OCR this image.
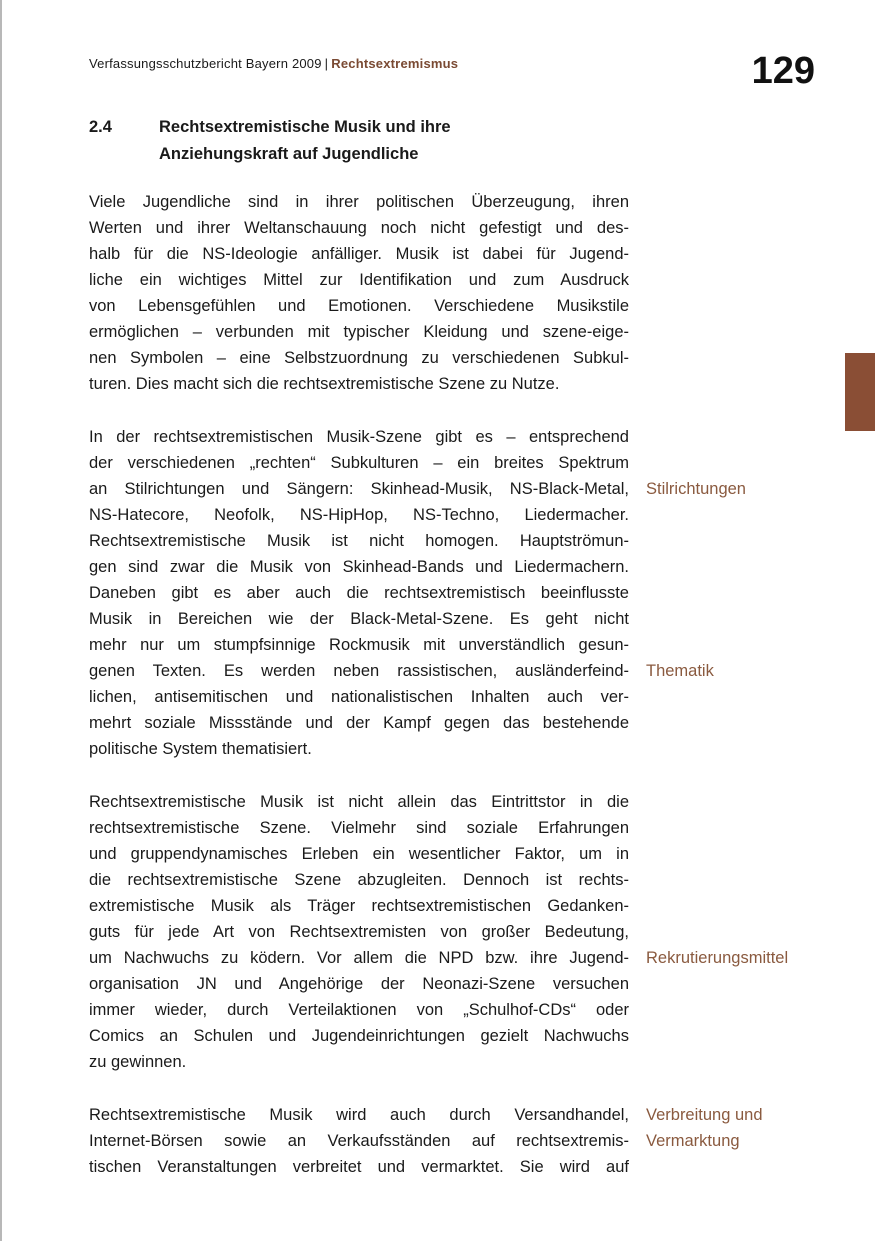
Verfassungsschutzbericht Bayern 2009 | Rechtsextremismus	129
2.4	Rechtsextremistische Musik und ihre
Anziehungskraft auf Jugendliche
Viele Jugendliche sind in ihrer politischen Überzeugung, ihren
Werten und ihrer Weltanschauung noch nicht gefestigt und des-
halb für die NS-Ideologie anfälliger. Musik ist dabei für Jugend-
liche ein wichtiges Mittel zur Identifikation und zum Ausdruck
von Lebensgefühlen und Emotionen. Verschiedene Musikstile
ermöglichen – verbunden mit typischer Kleidung und szene-eige-
nen Symbolen – eine Selbstzuordnung zu verschiedenen Subkul-
turen. Dies macht sich die rechtsextremistische Szene zu Nutze.
In der rechtsextremistischen Musik-Szene gibt es – entsprechend
der verschiedenen „rechten“ Subkulturen – ein breites Spektrum
an Stilrichtungen und Sängern: Skinhead-Musik, NS-Black-Metal,
NS-Hatecore, Neofolk, NS-HipHop, NS-Techno, Liedermacher.
Rechtsextremistische Musik ist nicht homogen. Hauptströmun-
gen sind zwar die Musik von Skinhead-Bands und Liedermachern.
Daneben gibt es aber auch die rechtsextremistisch beeinflusste
Musik in Bereichen wie der Black-Metal-Szene. Es geht nicht
mehr nur um stumpfsinnige Rockmusik mit unverständlich gesun-
genen Texten. Es werden neben rassistischen, ausländerfeind-
lichen, antisemitischen und nationalistischen Inhalten auch ver-
mehrt soziale Missstände und der Kampf gegen das bestehende
politische System thematisiert.
Rechtsextremistische Musik ist nicht allein das Eintrittstor in die
rechtsextremistische Szene. Vielmehr sind soziale Erfahrungen
und gruppendynamisches Erleben ein wesentlicher Faktor, um in
die rechtsextremistische Szene abzugleiten. Dennoch ist rechts-
extremistische Musik als Träger rechtsextremistischen Gedanken-
guts für jede Art von Rechtsextremisten von großer Bedeutung,
um Nachwuchs zu ködern. Vor allem die NPD bzw. ihre Jugend-
organisation JN und Angehörige der Neonazi-Szene versuchen
immer wieder, durch Verteilaktionen von „Schulhof-CDs“ oder
Comics an Schulen und Jugendeinrichtungen gezielt Nachwuchs
zu gewinnen.
Rechtsextremistische Musik wird auch durch Versandhandel,
Internet-Börsen sowie an Verkaufsständen auf rechtsextremis-
tischen Veranstaltungen verbreitet und vermarktet. Sie wird auf
Stilrichtungen
Thematik
Rekrutierungsmittel
Verbreitung und
Vermarktung
